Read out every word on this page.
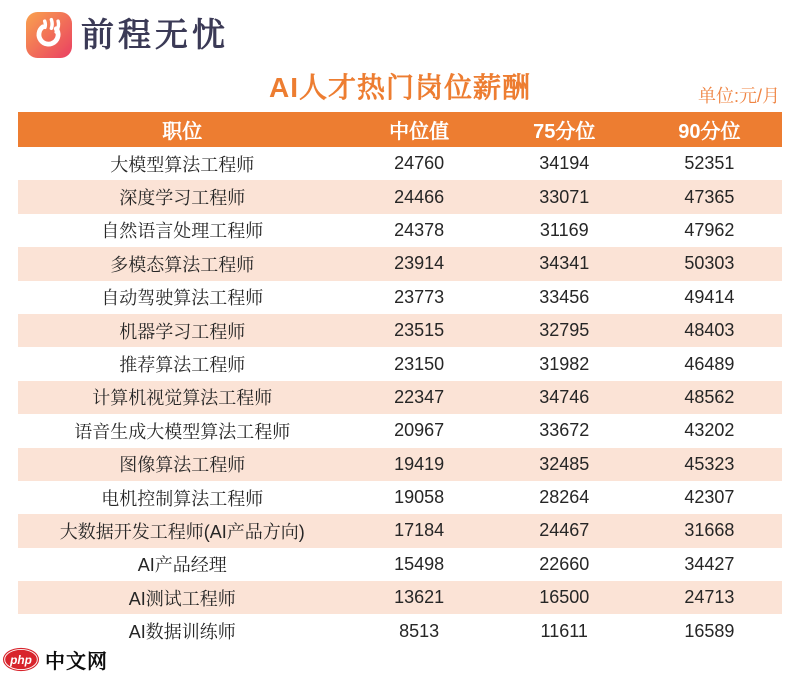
前程无忧
AI人才热门岗位薪酬	单位:元/月
职位	中位值	75分位	90分位
大模型算法工程师	24760	34194	52351
深度学习工程师	24466	33071	47365
自然语言处理工程师	24378	31169	47962
多模态算法工程师	23914	34341	50303
自动驾驶算法工程师	23773	33456	49414
机器学习工程师	23515	32795	48403
推荐算法工程师	23150	31982	46489
计算机视觉算法工程师	22347	34746	48562
语音生成大模型算法工程师	20967	33672	43202
图像算法工程师	19419	32485	45323
电机控制算法工程师	19058	28264	42307
大数据开发工程师(AI产品方向)	17184	24467	31668
AI产品经理	15498	22660	34427
AI测试工程师	13621	16500	24713
AI数据训练师	8513	11611	16589
php 中文网
